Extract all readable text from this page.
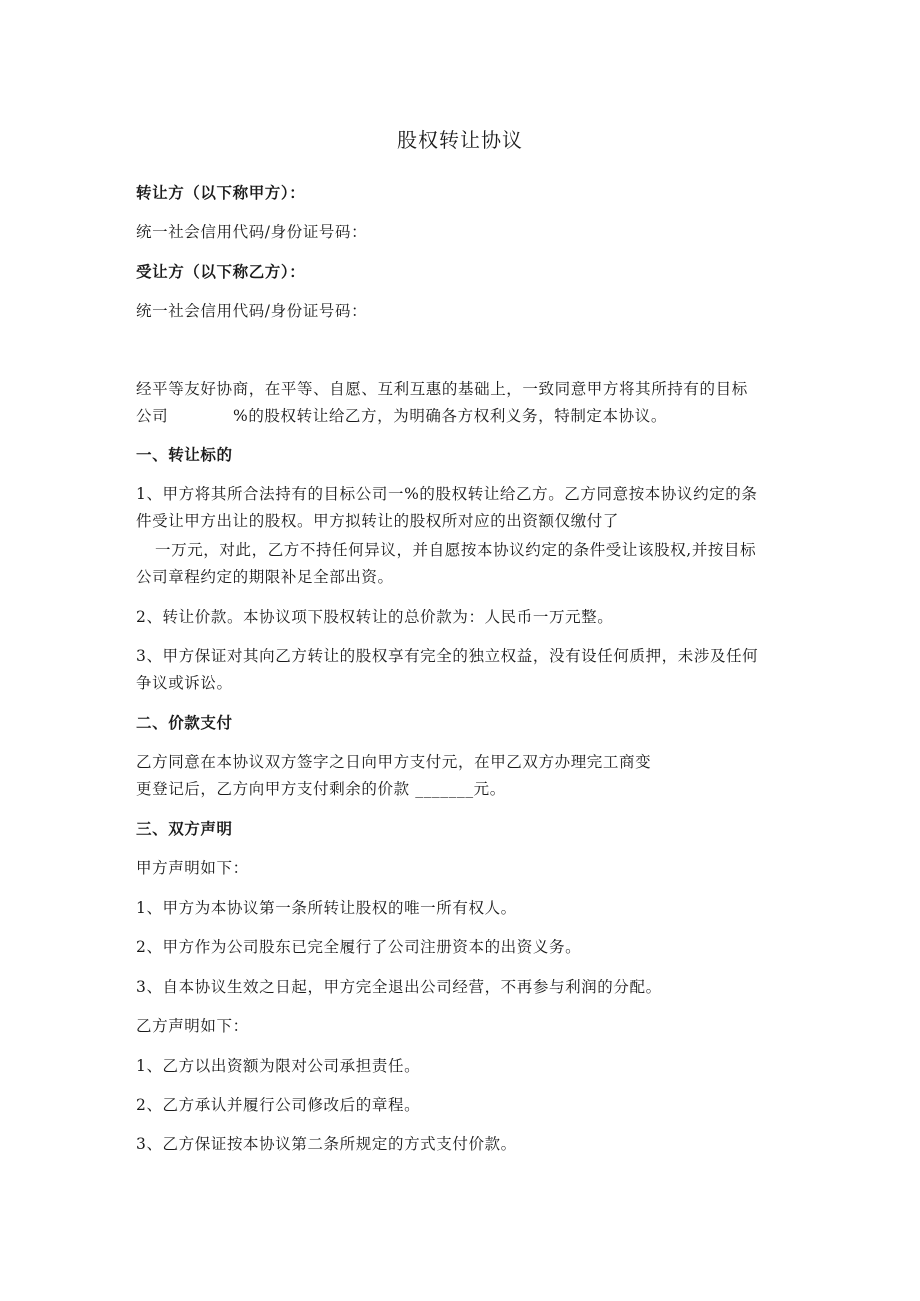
股权转让协议
转让方（以下称甲方）：
统一社会信用代码/身份证号码：
受让方（以下称乙方）：
统一社会信用代码/身份证号码：
经平等友好协商，在平等、自愿、互利互惠的基础上，一致同意甲方将其所持有的目标
公司	%的股权转让给乙方，为明确各方权利义务，特制定本协议。
一、转让标的
1、甲方将其所合法持有的目标公司一%的股权转让给乙方。乙方同意按本协议约定的条
件受让甲方出让的股权。甲方拟转让的股权所对应的出资额仅缴付了
一万元，对此，乙方不持任何异议，并自愿按本协议约定的条件受让该股权,并按目标
公司章程约定的期限补足全部出资。
2、转让价款。本协议项下股权转让的总价款为：人民币一万元整。
3、甲方保证对其向乙方转让的股权享有完全的独立权益，没有设任何质押，未涉及任何
争议或诉讼。
二、价款支付
乙方同意在本协议双方签字之日向甲方支付元，在甲乙双方办理完工商变
更登记后，乙方向甲方支付剩余的价款 _______元。
三、双方声明
甲方声明如下：
1、甲方为本协议第一条所转让股权的唯一所有权人。
2、甲方作为公司股东已完全履行了公司注册资本的出资义务。
3、自本协议生效之日起，甲方完全退出公司经营，不再参与利润的分配。
乙方声明如下：
1、乙方以出资额为限对公司承担责任。
2、乙方承认并履行公司修改后的章程。
3、乙方保证按本协议第二条所规定的方式支付价款。
